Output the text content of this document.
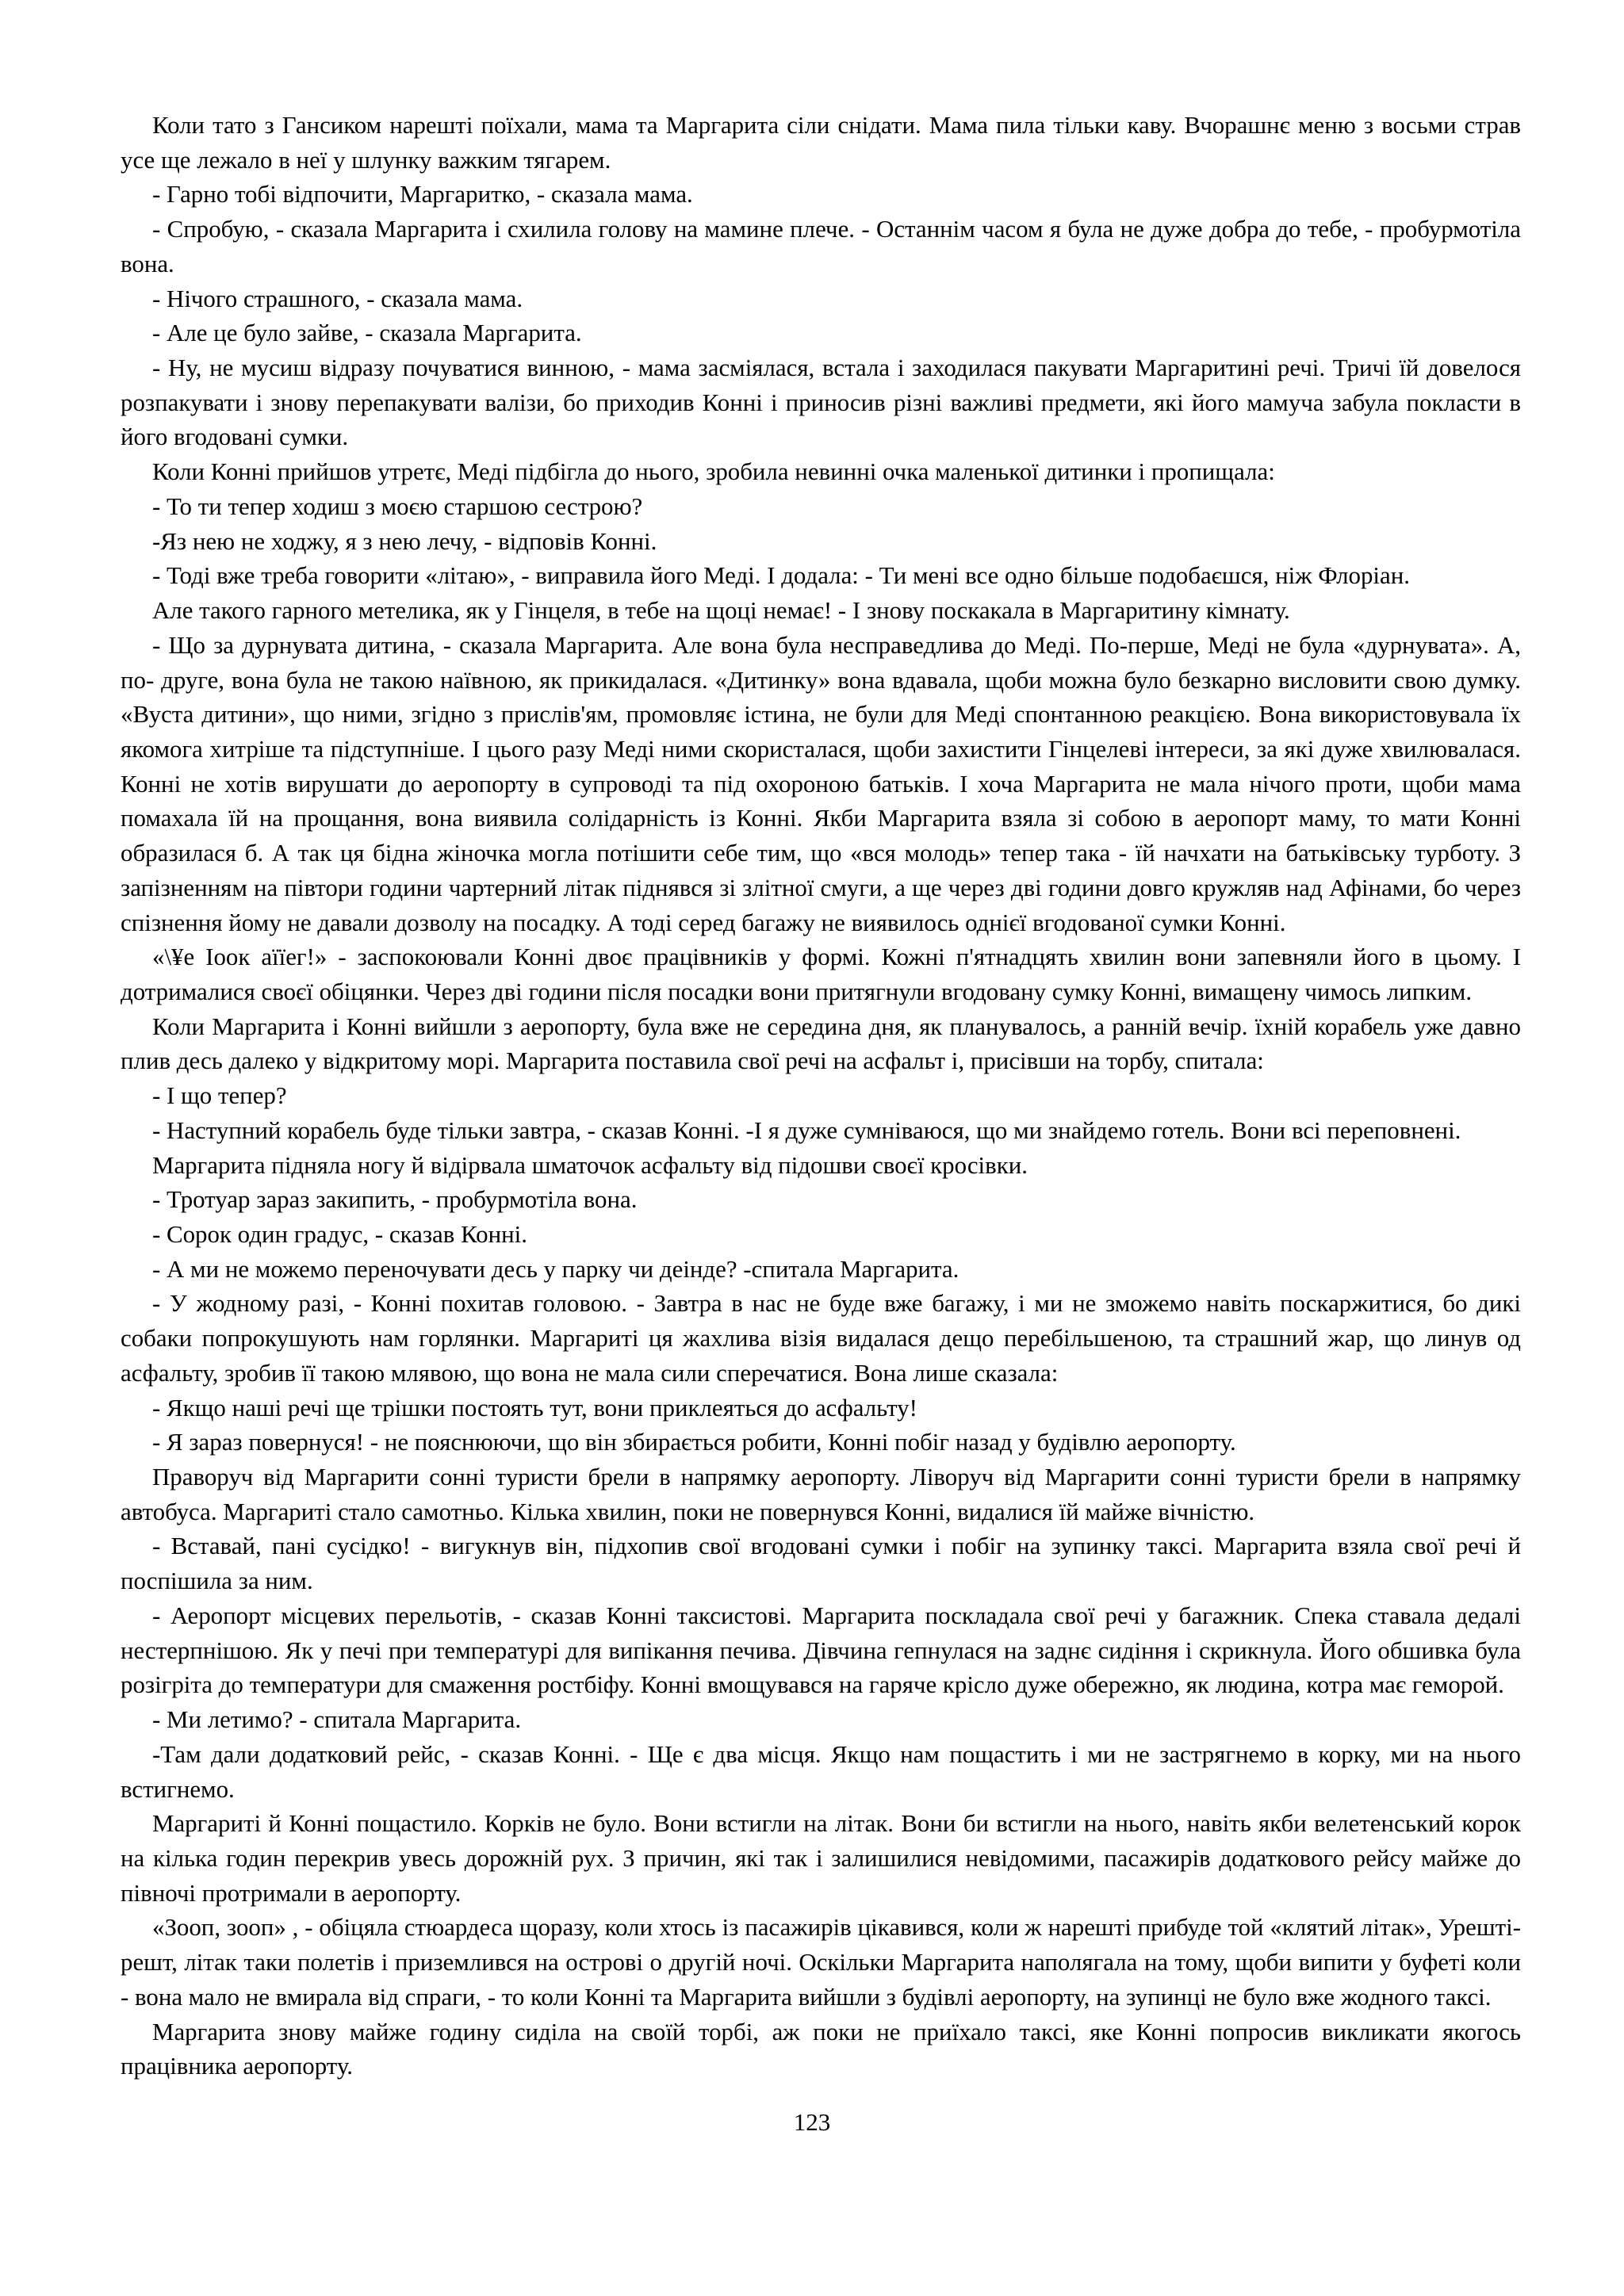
Коли тато з Гансиком нарешті поїхали, мама та Маргарита сіли снідати. Мама пила тільки каву. Вчорашнє меню з восьми страв усе ще лежало в неї у шлунку важким тягарем.

- Гарно тобі відпочити, Маргаритко, - сказала мама.

- Спробую, - сказала Маргарита і схилила голову на мамине плече. - Останнім часом я була не дуже добра до тебе, - пробурмотіла вона.

- Нічого страшного, - сказала мама.

- Але це було зайве, - сказала Маргарита.

- Ну, не мусиш відразу почуватися винною, - мама засміялася, встала і заходилася пакувати Маргаритині речі. Тричі їй довелося розпакувати і знову перепакувати валізи, бо приходив Конні і приносив різні важливі предмети, які його мамуча забула покласти в його вгодовані сумки.

Коли Конні прийшов утретє, Меді підбігла до нього, зробила невинні очка маленької дитинки і пропищала:

- То ти тепер ходиш з моєю старшою сестрою?

-Яз нею не ходжу, я з нею лечу, - відповів Конні.

- Тоді вже треба говорити «літаю», - виправила його Меді. І додала: - Ти мені все одно більше подобаєшся, ніж Флоріан.

Але такого гарного метелика, як у Гінцеля, в тебе на щоці немає! - І знову поскакала в Маргаритину кімнату.

- Що за дурнувата дитина, - сказала Маргарита. Але вона була несправедлива до Меді. По-перше, Меді не була «дурнувата». А, по- друге, вона була не такою наївною, як прикидалася. «Дитинку» вона вдавала, щоби можна було безкарно висловити свою думку. «Вуста дитини», що ними, згідно з прислів'ям, промовляє істина, не були для Меді спонтанною реакцією. Вона використовувала їх якомога хитріше та підступніше. І цього разу Меді ними скористалася, щоби захистити Гінцелеві інтереси, за які дуже хвилювалася. Конні не хотів вирушати до аеропорту в супроводі та під охороною батьків. І хоча Маргарита не мала нічого проти, щоби мама помахала їй на прощання, вона виявила солідарність із Конні. Якби Маргарита взяла зі собою в аеропорт маму, то мати Конні образилася б. А так ця бідна жіночка могла потішити себе тим, що «вся молодь» тепер така - їй начхати на батьківську турботу. З запізненням на півтори години чартерний літак піднявся зі злітної смуги, а ще через дві години довго кружляв над Афінами, бо через спізнення йому не давали дозволу на посадку. А тоді серед багажу не виявилось однієї вгодованої сумки Конні.

«\¥е Іоок аїїег!» - заспокоювали Конні двоє працівників у формі. Кожні п'ятнадцять хвилин вони запевняли його в цьому. І дотрималися своєї обіцянки. Через дві години після посадки вони притягнули вгодовану сумку Конні, вимащену чимось липким.

Коли Маргарита і Конні вийшли з аеропорту, була вже не середина дня, як планувалось, а ранній вечір. їхній корабель уже давно плив десь далеко у відкритому морі. Маргарита поставила свої речі на асфальт і, присівши на торбу, спитала:

- І що тепер?

- Наступний корабель буде тільки завтра, - сказав Конні. -І я дуже сумніваюся, що ми знайдемо готель. Вони всі переповнені.

Маргарита підняла ногу й відірвала шматочок асфальту від підошви своєї кросівки.

- Тротуар зараз закипить, - пробурмотіла вона.

- Сорок один градус, - сказав Конні.

- А ми не можемо переночувати десь у парку чи деінде? -спитала Маргарита.

- У жодному разі, - Конні похитав головою. - Завтра в нас не буде вже багажу, і ми не зможемо навіть поскаржитися, бо дикі собаки попрокушують нам горлянки. Маргариті ця жахлива візія видалася дещо перебільшеною, та страшний жар, що линув од асфальту, зробив її такою млявою, що вона не мала сили сперечатися. Вона лише сказала:

- Якщо наші речі ще трішки постоять тут, вони приклеяться до асфальту!

- Я зараз повернуся! - не пояснюючи, що він збирається робити, Конні побіг назад у будівлю аеропорту.

Праворуч від Маргарити сонні туристи брели в напрямку аеропорту. Ліворуч від Маргарити сонні туристи брели в напрямку автобуса. Маргариті стало самотньо. Кілька хвилин, поки не повернувся Конні, видалися їй майже вічністю.

- Вставай, пані сусідко! - вигукнув він, підхопив свої вгодовані сумки і побіг на зупинку таксі. Маргарита взяла свої речі й поспішила за ним.

- Аеропорт місцевих перельотів, - сказав Конні таксистові. Маргарита поскладала свої речі у багажник. Спека ставала дедалі нестерпнішою. Як у печі при температурі для випікання печива. Дівчина гепнулася на заднє сидіння і скрикнула. Його обшивка була розігріта до температури для смаження ростбіфу. Конні вмощувався на гаряче крісло дуже обережно, як людина, котра має геморой.

- Ми летимо? - спитала Маргарита.

-Там дали додатковий рейс, - сказав Конні. - Ще є два місця. Якщо нам пощастить і ми не застрягнемо в корку, ми на нього встигнемо.

Маргариті й Конні пощастило. Корків не було. Вони встигли на літак. Вони би встигли на нього, навіть якби велетенський корок на кілька годин перекрив увесь дорожній рух. З причин, які так і залишилися невідомими, пасажирів додаткового рейсу майже до півночі протримали в аеропорту.

«Зооп, зооп» , - обіцяла стюардеса щоразу, коли хтось із пасажирів цікавився, коли ж нарешті прибуде той «клятий літак», Урешті-решт, літак таки полетів і приземлився на острові о другій ночі. Оскільки Маргарита наполягала на тому, щоби випити у буфеті коли - вона мало не вмирала від спраги, - то коли Конні та Маргарита вийшли з будівлі аеропорту, на зупинці не було вже жодного таксі.

Маргарита знову майже годину сиділа на своїй торбі, аж поки не приїхало таксі, яке Конні попросив викликати якогось працівника аеропорту.

123
